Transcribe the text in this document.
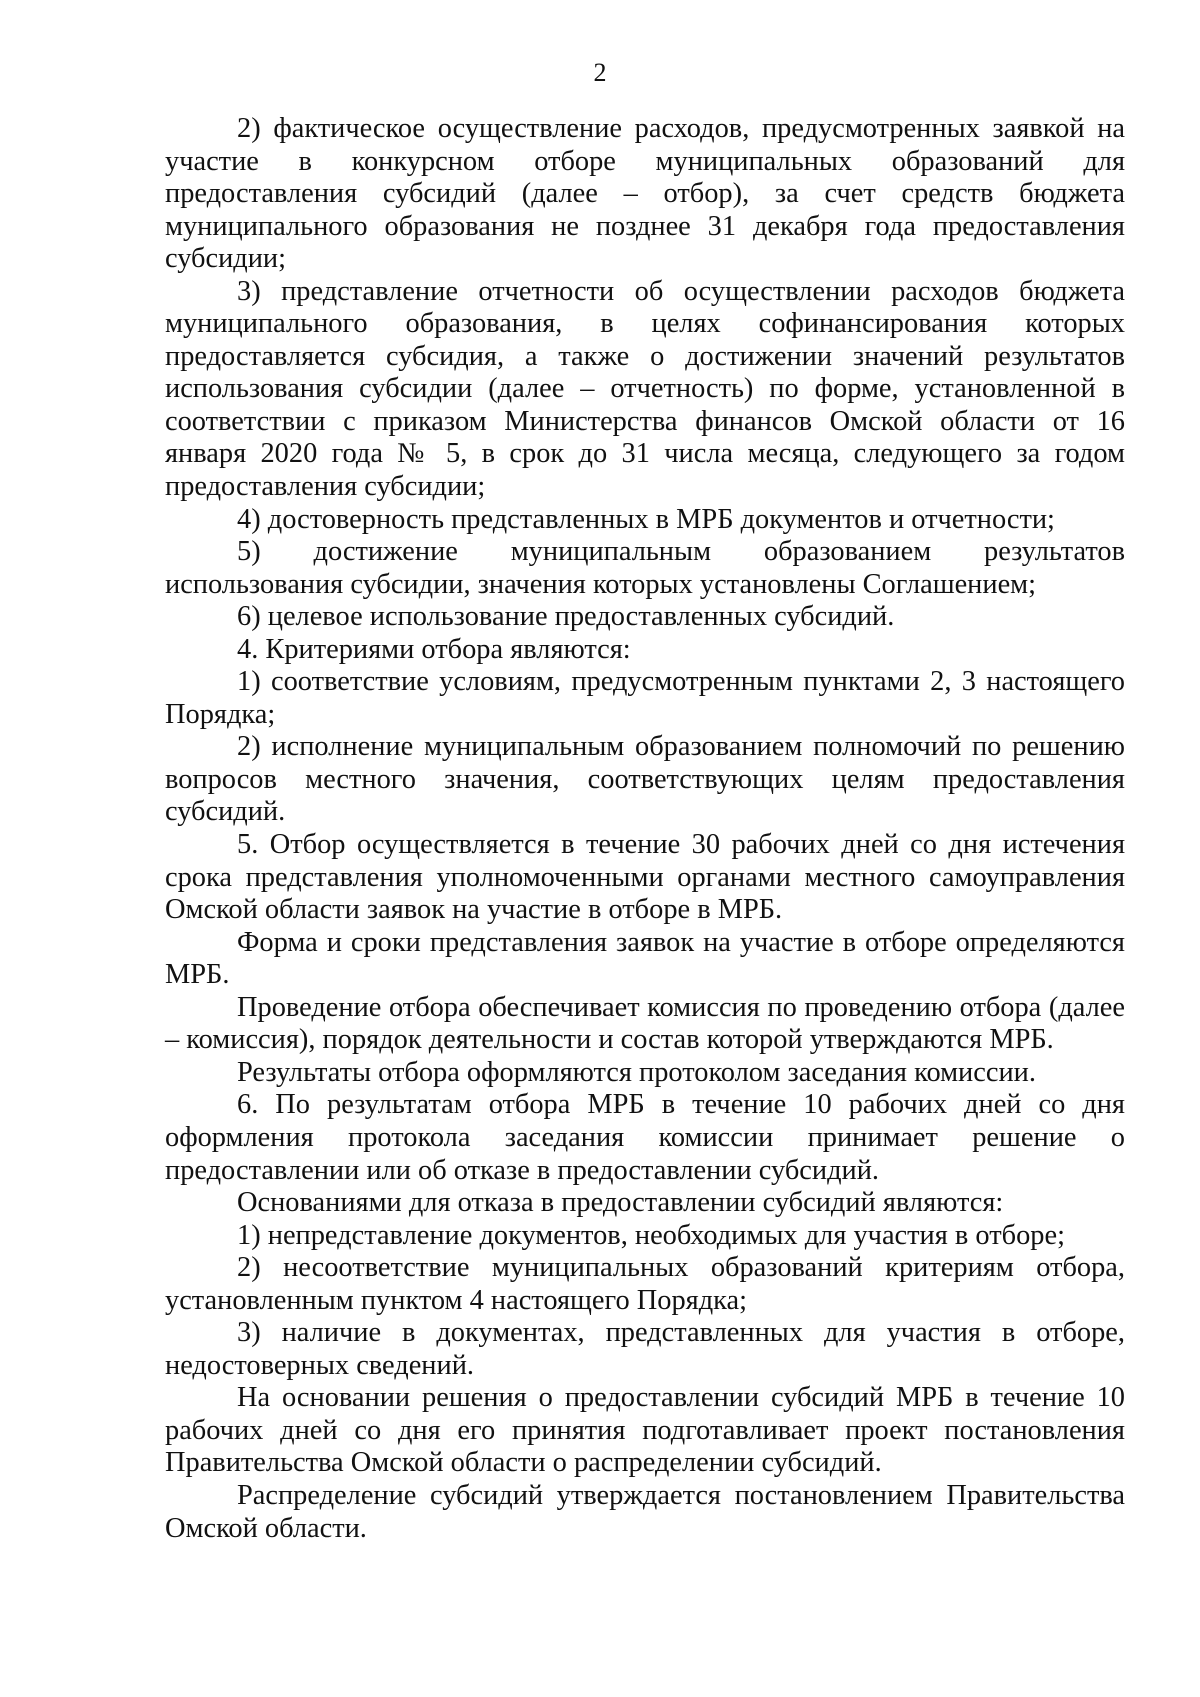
2

2) фактическое осуществление расходов, предусмотренных заявкой на участие в конкурсном отборе муниципальных образований для предоставления субсидий (далее – отбор), за счет средств бюджета муниципального образования не позднее 31 декабря года предоставления субсидии;

3) представление отчетности об осуществлении расходов бюджета муниципального образования, в целях софинансирования которых предоставляется субсидия, а также о достижении значений результатов использования субсидии (далее – отчетность) по форме, установленной в соответствии с приказом Министерства финансов Омской области от 16 января 2020 года № 5, в срок до 31 числа месяца, следующего за годом предоставления субсидии;

4) достоверность представленных в МРБ документов и отчетности;

5) достижение муниципальным образованием результатов использования субсидии, значения которых установлены Соглашением;

6) целевое использование предоставленных субсидий.

4. Критериями отбора являются:

1) соответствие условиям, предусмотренным пунктами 2, 3 настоящего Порядка;

2) исполнение муниципальным образованием полномочий по решению вопросов местного значения, соответствующих целям предоставления субсидий.

5. Отбор осуществляется в течение 30 рабочих дней со дня истечения срока представления уполномоченными органами местного самоуправления Омской области заявок на участие в отборе в МРБ.

Форма и сроки представления заявок на участие в отборе определяются МРБ.

Проведение отбора обеспечивает комиссия по проведению отбора (далее – комиссия), порядок деятельности и состав которой утверждаются МРБ.

Результаты отбора оформляются протоколом заседания комиссии.

6. По результатам отбора МРБ в течение 10 рабочих дней со дня оформления протокола заседания комиссии принимает решение о предоставлении или об отказе в предоставлении субсидий.

Основаниями для отказа в предоставлении субсидий являются:

1) непредставление документов, необходимых для участия в отборе;

2) несоответствие муниципальных образований критериям отбора, установленным пунктом 4 настоящего Порядка;

3) наличие в документах, представленных для участия в отборе, недостоверных сведений.

На основании решения о предоставлении субсидий МРБ в течение 10 рабочих дней со дня его принятия подготавливает проект постановления Правительства Омской области о распределении субсидий.

Распределение субсидий утверждается постановлением Правительства Омской области.
